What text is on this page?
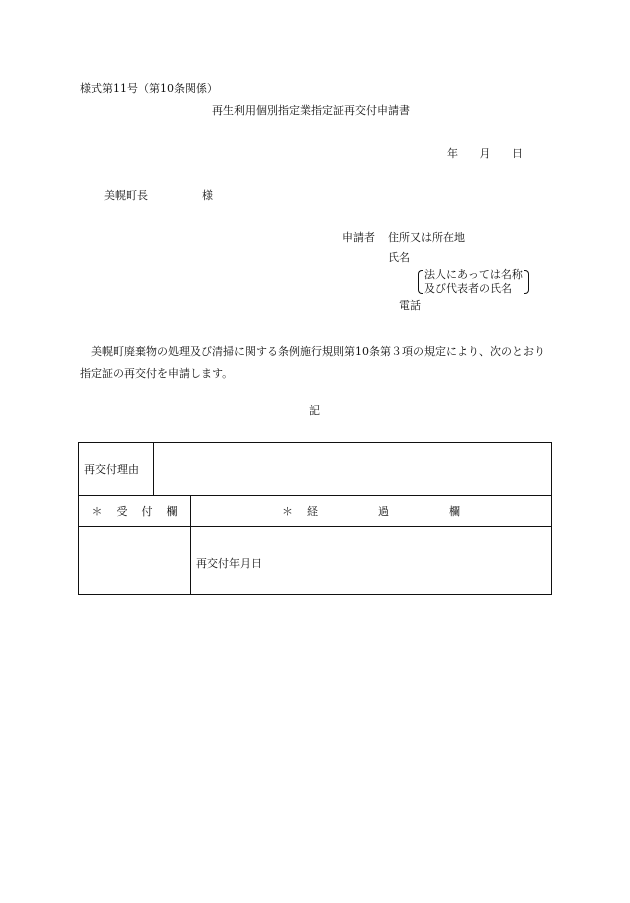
様式第11号（第10条関係）
再生利用個別指定業指定証再交付申請書
年 月 日
美幌町長	様
申請者 住所又は所在地
氏名
法人にあっては名称
及び代表者の氏名
電話
美幌町廃棄物の処理及び清掃に関する条例施行規則第10条第３項の規定により、次のとおり指定証の再交付を申請します。
記
再交付理由		
＊ 受 付 欄		＊ 経 過 欄
		再交付年月日
